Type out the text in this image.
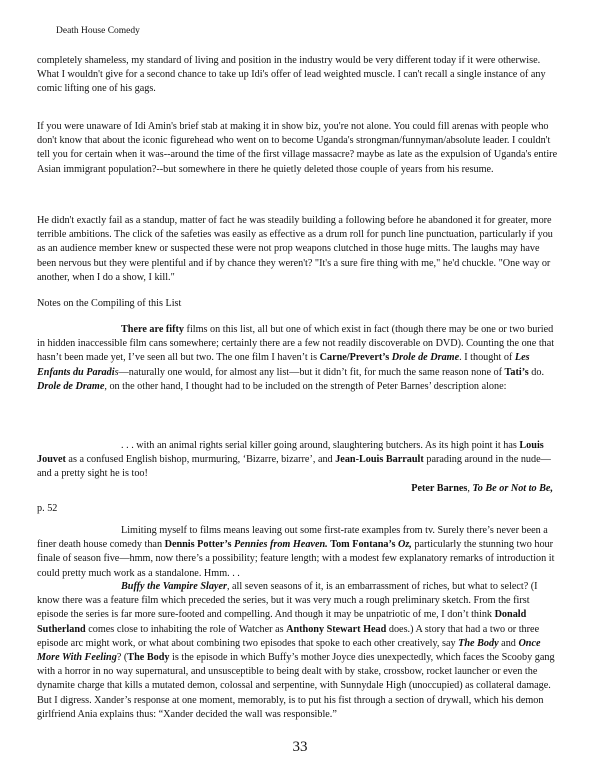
Death House Comedy

completely shameless, my standard of living and position in the industry would be very different today if it were otherwise. What I wouldn't give for a second chance to take up Idi's offer of lead weighted muscle. I can't recall a single instance of any comic lifting one of his gags.

If you were unaware of Idi Amin's brief stab at making it in show biz, you're not alone. You could fill arenas with people who don't know that about the iconic figurehead who went on to become Uganda's strongman/funnyman/absolute leader. I couldn't tell you for certain when it was--around the time of the first village massacre? maybe as late as the expulsion of Uganda's entire Asian immigrant population?--but somewhere in there he quietly deleted those couple of years from his resume.

He didn't exactly fail as a standup, matter of fact he was steadily building a following before he abandoned it for greater, more terrible ambitions. The click of the safeties was easily as effective as a drum roll for punch line punctuation, particularly if you as an audience member knew or suspected these were not prop weapons clutched in those huge mitts. The laughs may have been nervous but they were plentiful and if by chance they weren't? "It's a sure fire thing with me," he'd chuckle. "One way or another, when I do a show, I kill."

Notes on the Compiling of this List

There are fifty films on this list, all but one of which exist in fact (though there may be one or two buried in hidden inaccessible film cans somewhere; certainly there are a few not readily discoverable on DVD). Counting the one that hasn’t been made yet, I’ve seen all but two. The one film I haven’t is Carne/Prevert’s Drole de Drame. I thought of Les Enfants du Paradis—naturally one would, for almost any list—but it didn’t fit, for much the same reason none of Tati’s do. Drole de Drame, on the other hand, I thought had to be included on the strength of Peter Barnes’ description alone:

. . . with an animal rights serial killer going around, slaughtering butchers. As its high point it has Louis Jouvet as a confused English bishop, murmuring, ‘Bizarre, bizarre’, and Jean-Louis Barrault parading around in the nude—and a pretty sight he is too!

Peter Barnes, To Be or Not to Be,

p. 52

Limiting myself to films means leaving out some first-rate examples from tv. Surely there’s never been a finer death house comedy than Dennis Potter’s Pennies from Heaven. Tom Fontana’s Oz, particularly the stunning two hour finale of season five—hmm, now there’s a possibility; feature length; with a modest few explanatory remarks of introduction it could pretty much work as a standalone. Hmm. . .

Buffy the Vampire Slayer, all seven seasons of it, is an embarrassment of riches, but what to select? (I know there was a feature film which preceded the series, but it was very much a rough preliminary sketch. From the first episode the series is far more sure-footed and compelling. And though it may be unpatriotic of me, I don’t think Donald Sutherland comes close to inhabiting the role of Watcher as Anthony Stewart Head does.) A story that had a two or three episode arc might work, or what about combining two episodes that spoke to each other creatively, say The Body and Once More With Feeling? (The Body is the episode in which Buffy’s mother Joyce dies unexpectedly, which faces the Scooby gang with a horror in no way supernatural, and unsusceptible to being dealt with by stake, crossbow, rocket launcher or even the dynamite charge that kills a mutated demon, colossal and serpentine, with Sunnydale High (unoccupied) as collateral damage. But I digress. Xander’s response at one moment, memorably, is to put his fist through a section of drywall, which his demon girlfriend Ania explains thus: “Xander decided the wall was responsible.”

33
